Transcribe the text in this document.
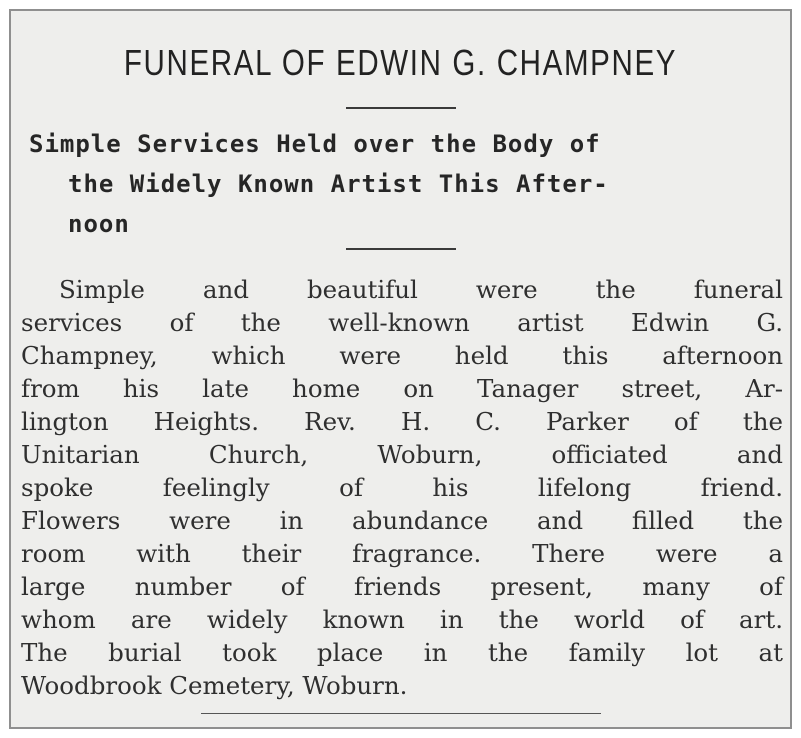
FUNERAL OF EDWIN G. CHAMPNEY
Simple Services Held over the Body of
the Widely Known Artist This After-
noon
Simple and beautiful were the funeral
services of the well-known artist Edwin G.
Champney, which were held this afternoon
from his late home on Tanager street, Ar-
lington Heights. Rev. H. C. Parker of the
Unitarian Church, Woburn, officiated and
spoke feelingly of his lifelong friend.
Flowers were in abundance and filled the
room with their fragrance. There were a
large number of friends present, many of
whom are widely known in the world of art.
The burial took place in the family lot at
Woodbrook Cemetery, Woburn.
